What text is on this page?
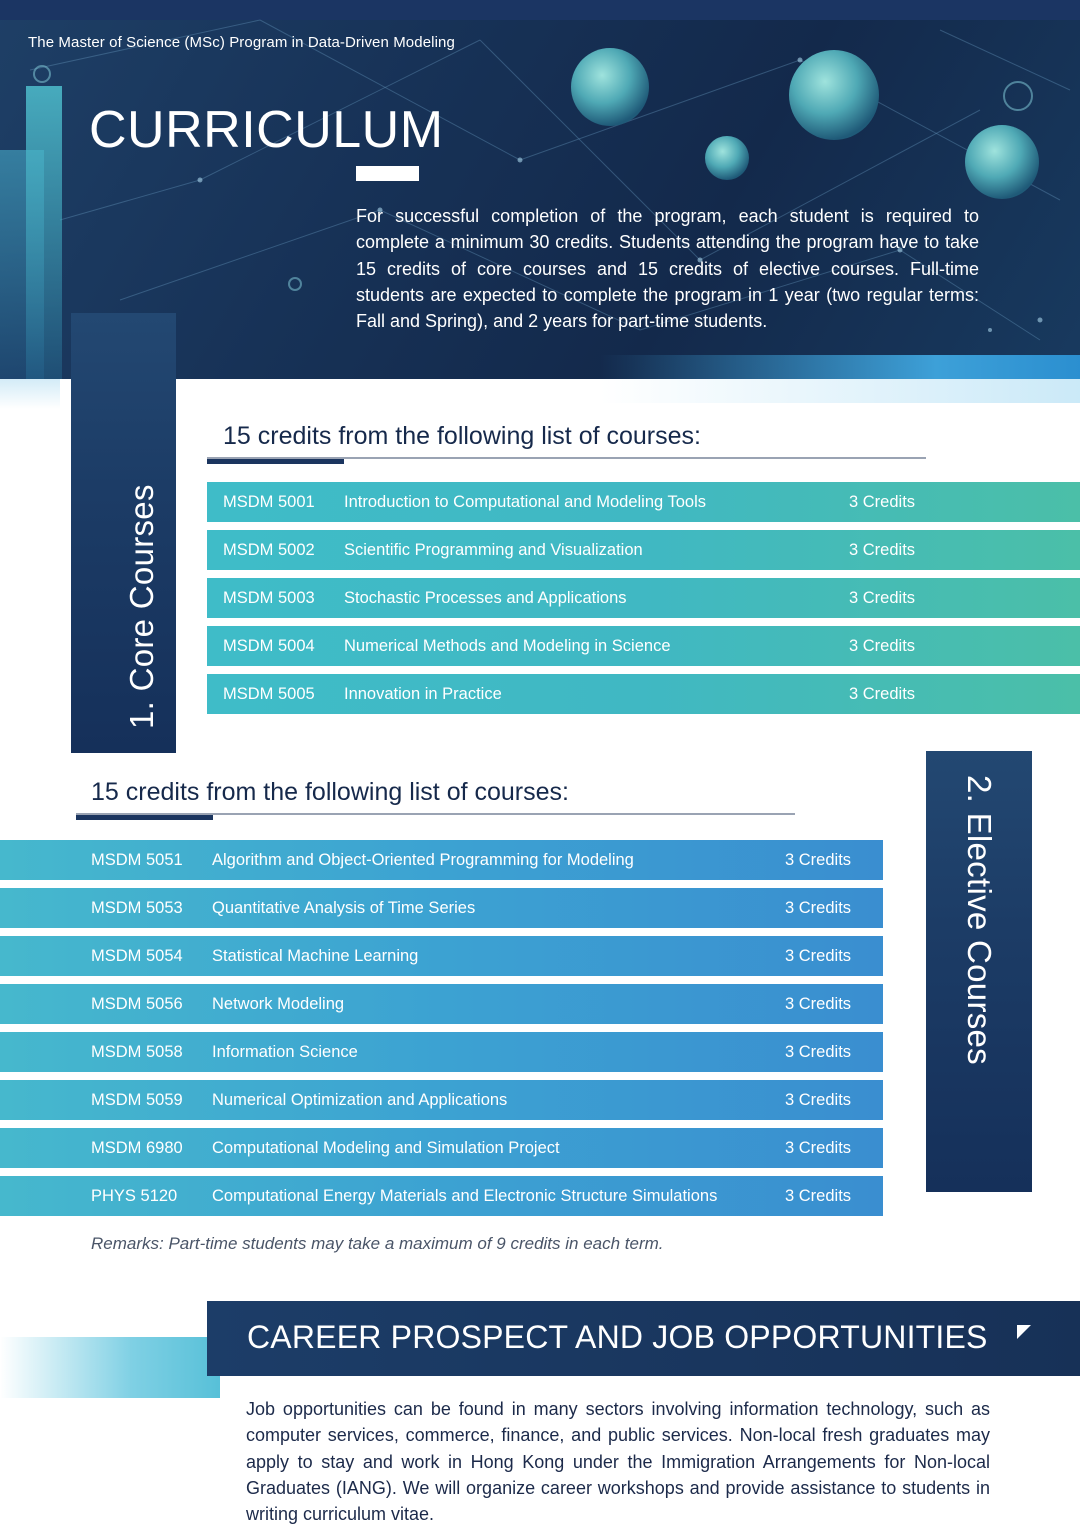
The Master of Science (MSc) Program in Data-Driven Modeling
CURRICULUM

For successful completion of the program, each student is required to complete a minimum 30 credits. Students attending the program have to take 15 credits of core courses and 15 credits of elective courses. Full-time students are expected to complete the program in 1 year (two regular terms: Fall and Spring), and 2 years for part-time students.

1. Core Courses
15 credits from the following list of courses:
MSDM 5001 Introduction to Computational and Modeling Tools	3 Credits
MSDM 5002 Scientific Programming and Visualization	3 Credits
MSDM 5003 Stochastic Processes and Applications	3 Credits
MSDM 5004 Numerical Methods and Modeling in Science	3 Credits
MSDM 5005 Innovation in Practice	3 Credits
2. Elective Courses
15 credits from the following list of courses:
MSDM 5051 Algorithm and Object-Oriented Programming for Modeling	3 Credits
MSDM 5053 Quantitative Analysis of Time Series	3 Credits
MSDM 5054 Statistical Machine Learning	3 Credits
MSDM 5056 Network Modeling	3 Credits
MSDM 5058 Information Science	3 Credits
MSDM 5059 Numerical Optimization and Applications	3 Credits
MSDM 6980 Computational Modeling and Simulation Project	3 Credits
PHYS 5120 Computational Energy Materials and Electronic Structure Simulations	3 Credits

Remarks: Part-time students may take a maximum of 9 credits in each term.

CAREER PROSPECT AND JOB OPPORTUNITIES

Job opportunities can be found in many sectors involving information technology, such as computer services, commerce, finance, and public services. Non-local fresh graduates may apply to stay and work in Hong Kong under the Immigration Arrangements for Non-local Graduates (IANG). We will organize career workshops and provide assistance to students in writing curriculum vitae.
